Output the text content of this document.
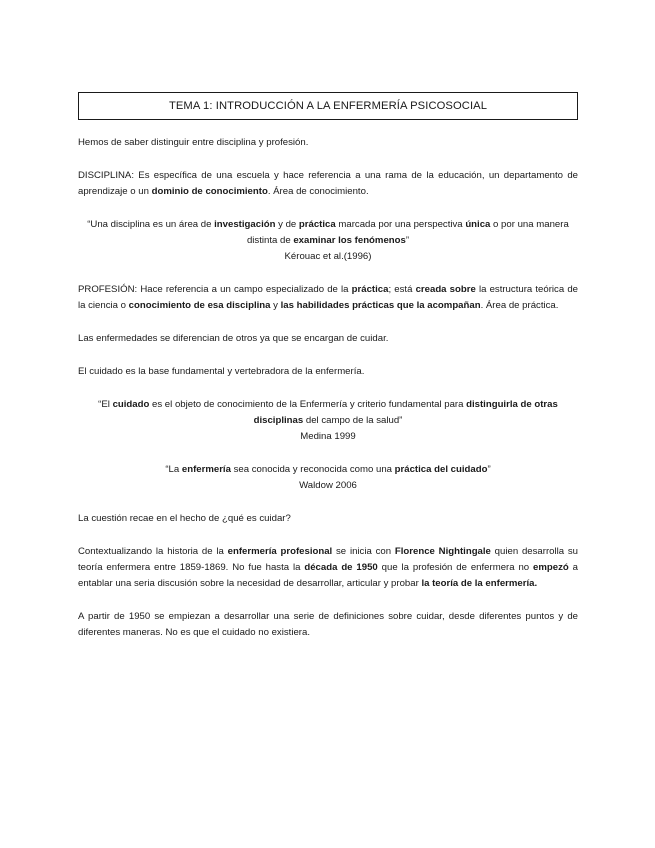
TEMA 1: INTRODUCCIÓN A LA ENFERMERÍA PSICOSOCIAL

Hemos de saber distinguir entre disciplina y profesión.

DISCIPLINA: Es específica de una escuela y hace referencia a una rama de la educación, un departamento de aprendizaje o un dominio de conocimiento. Área de conocimiento.

“Una disciplina es un área de investigación y de práctica marcada por una perspectiva única o por una manera distinta de examinar los fenómenos”
Kérouac et al.(1996)

PROFESIÓN: Hace referencia a un campo especializado de la práctica; está creada sobre la estructura teórica de la ciencia o conocimiento de esa disciplina y las habilidades prácticas que la acompañan. Área de práctica.

Las enfermedades se diferencian de otros ya que se encargan de cuidar.

El cuidado es la base fundamental y vertebradora de la enfermería.

“El cuidado es el objeto de conocimiento de la Enfermería y criterio fundamental para distinguirla de otras disciplinas del campo de la salud”
Medina 1999

“La enfermería sea conocida y reconocida como una práctica del cuidado”
Waldow 2006

La cuestión recae en el hecho de ¿qué es cuidar?

Contextualizando la historia de la enfermería profesional se inicia con Florence Nightingale quien desarrolla su teoría enfermera entre 1859-1869. No fue hasta la década de 1950 que la profesión de enfermera no empezó a entablar una seria discusión sobre la necesidad de desarrollar, articular y probar la teoría de la enfermería.

A partir de 1950 se empiezan a desarrollar una serie de definiciones sobre cuidar, desde diferentes puntos y de diferentes maneras. No es que el cuidado no existiera.
